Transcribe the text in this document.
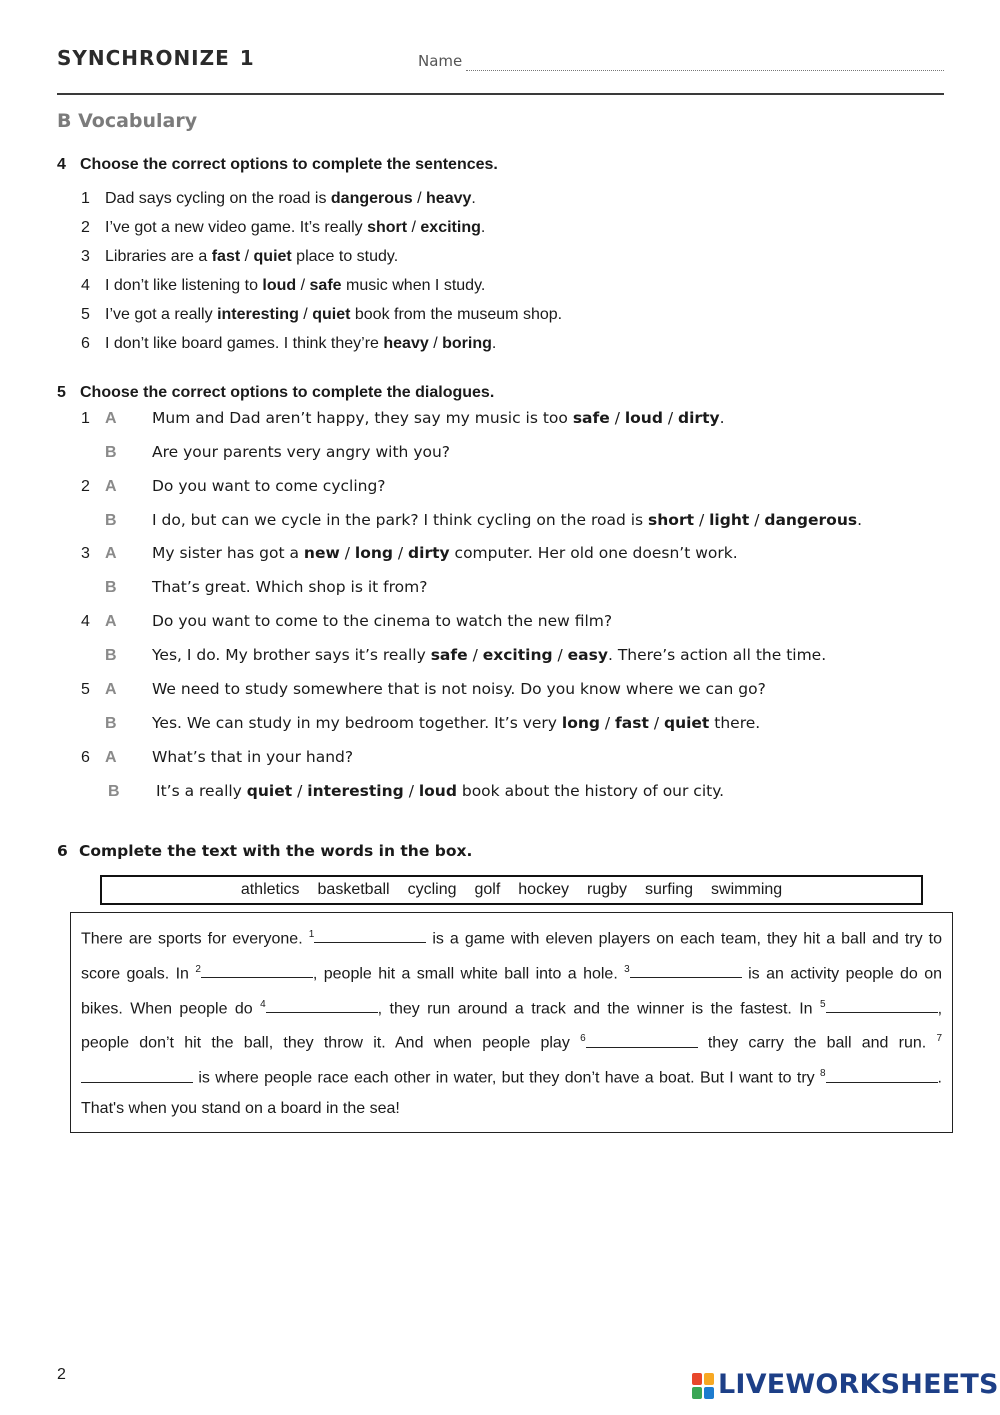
SYNCHRONIZE 1	Name
B Vocabulary
4 Choose the correct options to complete the sentences.
1 Dad says cycling on the road is dangerous / heavy.
2 I’ve got a new video game. It’s really short / exciting.
3 Libraries are a fast / quiet place to study.
4 I don’t like listening to loud / safe music when I study.
5 I’ve got a really interesting / quiet book from the museum shop.
6 I don’t like board games. I think they’re heavy / boring.
5 Choose the correct options to complete the dialogues.
1 A Mum and Dad aren’t happy, they say my music is too safe / loud / dirty.
B Are your parents very angry with you?
2 A Do you want to come cycling?
B I do, but can we cycle in the park? I think cycling on the road is short / light / dangerous.
3 A My sister has got a new / long / dirty computer. Her old one doesn’t work.
B That’s great. Which shop is it from?
4 A Do you want to come to the cinema to watch the new film?
B Yes, I do. My brother says it’s really safe / exciting / easy. There’s action all the time.
5 A We need to study somewhere that is not noisy. Do you know where we can go?
B Yes. We can study in my bedroom together. It’s very long / fast / quiet there.
6 A What’s that in your hand?
B It’s a really quiet / interesting / loud book about the history of our city.
6 Complete the text with the words in the box.
athletics basketball cycling golf hockey rugby surfing swimming
There are sports for everyone. $^1$	is a game with eleven players on each team, they hit a ball and try to score goals. In $^2$	, people hit a small white ball into a hole. $^3$	is an activity people do on bikes. When people do $^4$	, they run around a track and the winner is the fastest. In $^5$	, people don’t hit the ball, they throw it. And when people play $^6$	they carry the ball and run. $^7$ is where people race each other in water, but they don’t have a boat. But I want to try $^8$	. That's when you stand on a board in the sea!
2	LIVEWORKSHEETS
